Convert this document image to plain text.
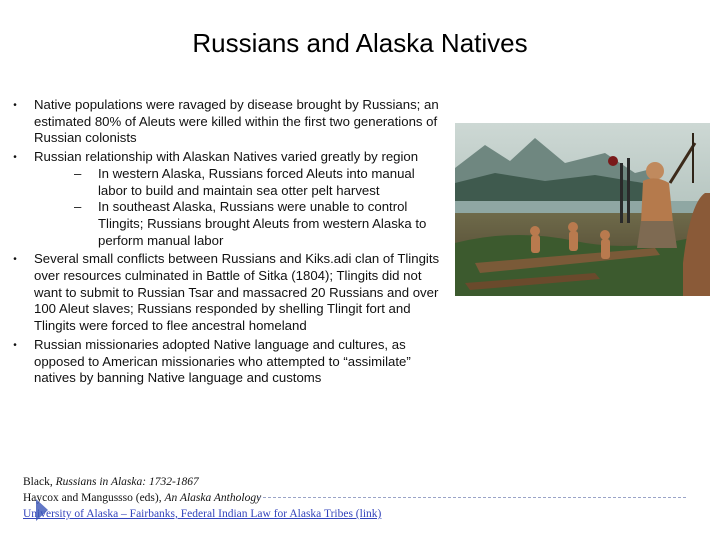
Russians and Alaska Natives
• Native populations were ravaged by disease brought by Russians; an estimated 80% of Aleuts were killed within the first two generations of Russian colonists
• Russian relationship with Alaskan Natives varied greatly by region
– In western Alaska, Russians forced Aleuts into manual labor to build and maintain sea otter pelt harvest
– In southeast Alaska, Russians were unable to control Tlingits; Russians brought Aleuts from western Alaska to perform manual labor
• Several small conflicts between Russians and Kiks.adi clan of Tlingits over resources culminated in Battle of Sitka (1804); Tlingits did not want to submit to Russian Tsar and massacred 20 Russians and over 100 Aleut slaves; Russians responded by shelling Tlingit fort and Tlingits were forced to flee ancestral homeland
• Russian missionaries adopted Native language and cultures, as opposed to American missionaries who attempted to “assimilate” natives by banning Native language and customs
Black, Russians in Alaska: 1732-1867
Haycox and Mangussso (eds), An Alaska Anthology
University of Alaska – Fairbanks, Federal Indian Law for Alaska Tribes (link)
